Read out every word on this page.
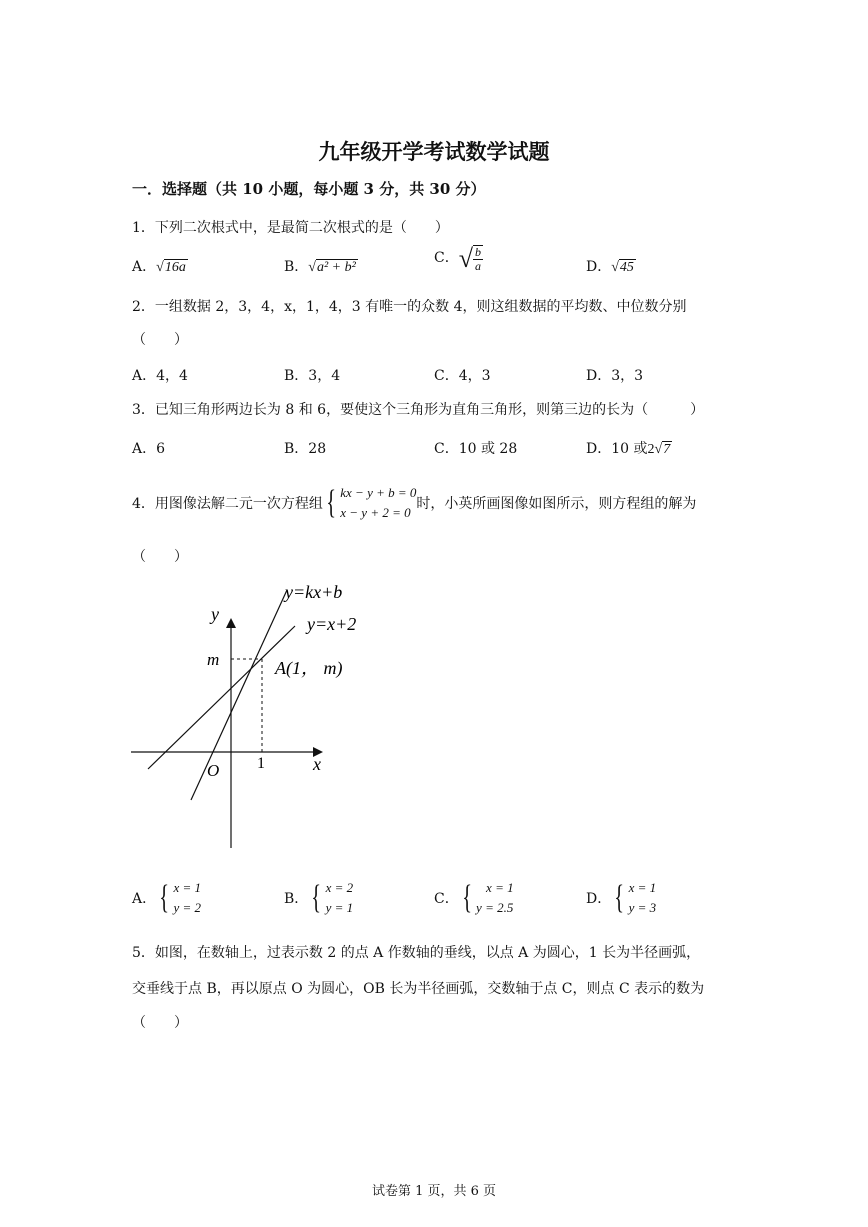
九年级开学考试数学试题
一．选择题（共 10 小题，每小题 3 分，共 30 分）
1．下列二次根式中，是最简二次根式的是（　　）
A．√16a	B．√a² + b²
C．√ $\frac{b}{a}$	D．√45
2．一组数据 2，3，4，x，1，4，3 有唯一的众数 4，则这组数据的平均数、中位数分别
（　　）
A．4，4	B．3，4	C．4，3	D．3，3
3．已知三角形两边长为 8 和 6，要使这个三角形为直角三角形，则第三边的长为（　　　）
A．6	B．28	C．10 或 28	D．10 或2√7
4．用图像法解二元一次方程组 { kx − y + b = 0
x − y + 2 = 0
时，小英所画图像如图所示，则方程组的解为
（　　）
y=kx+b
y=x+2
y
x
O
m
1
A(1， m)
A． { x = 1
y = 2
B． { x = 2
y = 1
C． {	x = 1
y = 2.5
D． { x = 1
y = 3
5．如图，在数轴上，过表示数 2 的点 A 作数轴的垂线，以点 A 为圆心，1 长为半径画弧，
交垂线于点 B，再以原点 O 为圆心，OB 长为半径画弧，交数轴于点 C，则点 C 表示的数为
（　　）
试卷第 1 页，共 6 页
